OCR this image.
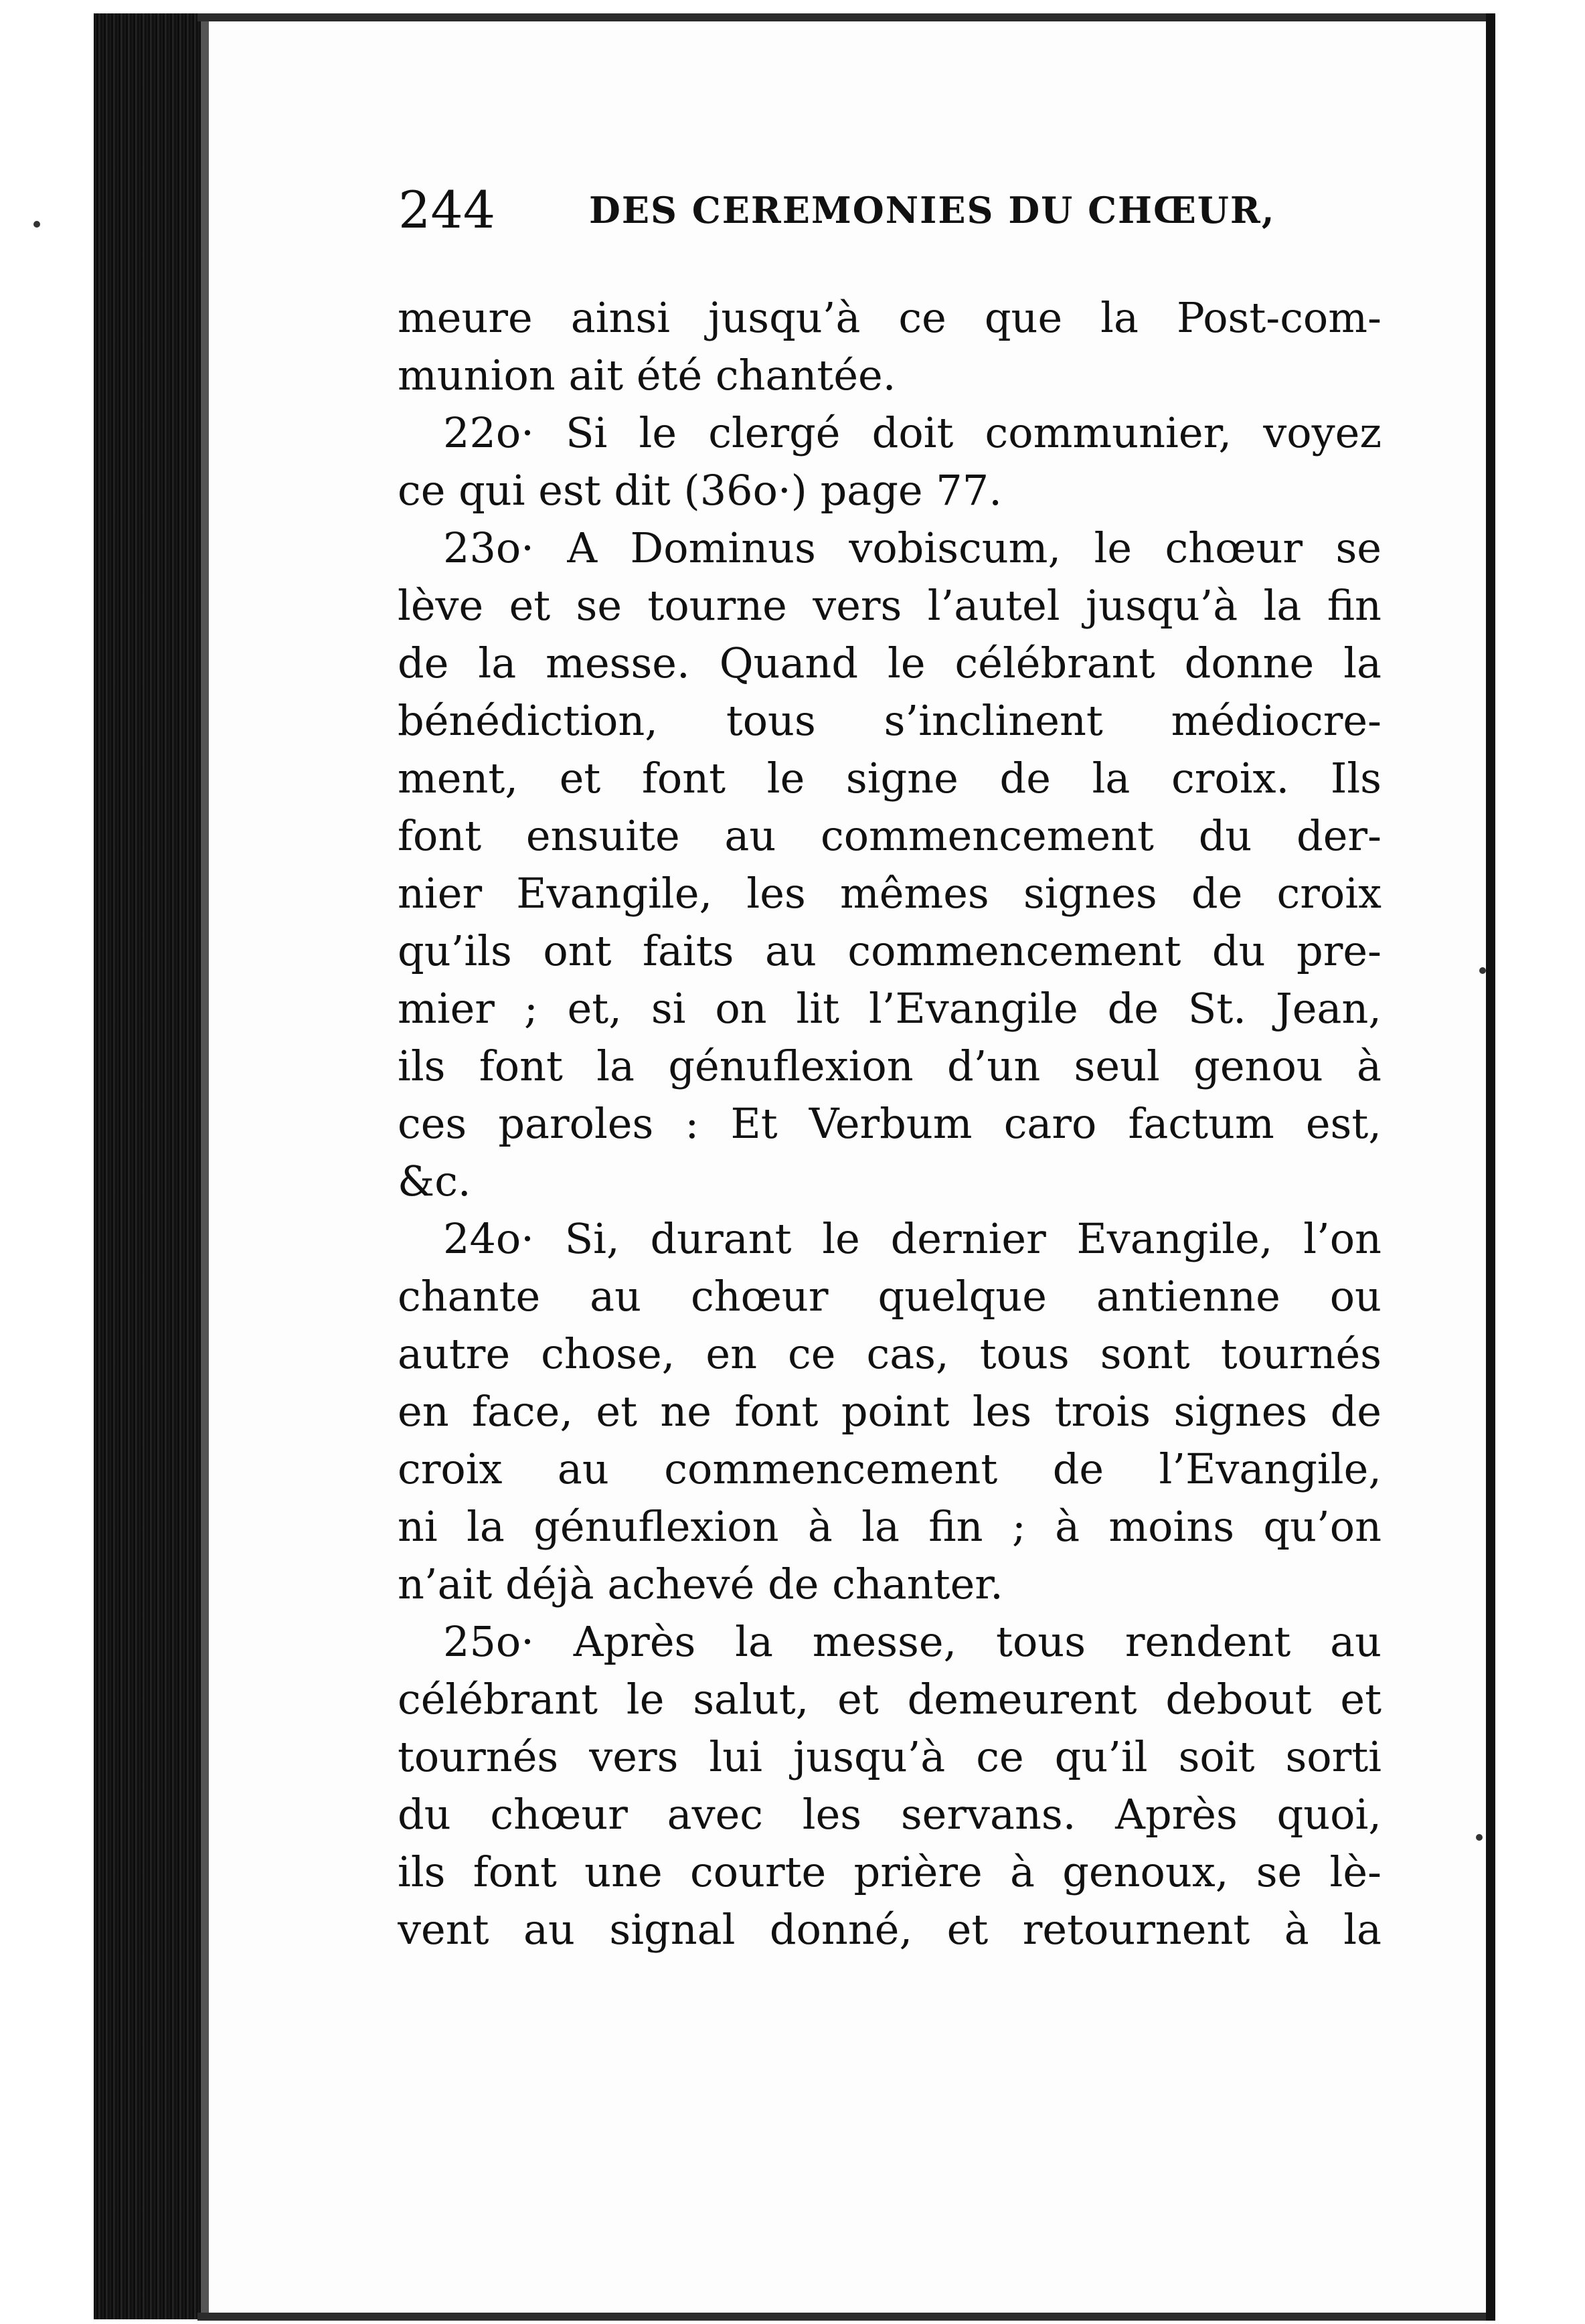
244	DES CEREMONIES DU CHŒUR,
meure ainsi jusqu’à ce que la Post-com-
munion ait été chantée.
22o· Si le clergé doit communier, voyez
ce qui est dit (36o·) page 77.
23o· A Dominus vobiscum, le chœur se
lève et se tourne vers l’autel jusqu’à la fin
de la messe. Quand le célébrant donne la
bénédiction, tous s’inclinent médiocre-
ment, et font le signe de la croix. Ils
font ensuite au commencement du der-
nier Evangile, les mêmes signes de croix
qu’ils ont faits au commencement du pre-
mier ; et, si on lit l’Evangile de St. Jean,
ils font la génuflexion d’un seul genou à
ces paroles : Et Verbum caro factum est,
&c.
24o· Si, durant le dernier Evangile, l’on
chante au chœur quelque antienne ou
autre chose, en ce cas, tous sont tournés
en face, et ne font point les trois signes de
croix au commencement de l’Evangile,
ni la génuflexion à la fin ; à moins qu’on
n’ait déjà achevé de chanter.
25o· Après la messe, tous rendent au
célébrant le salut, et demeurent debout et
tournés vers lui jusqu’à ce qu’il soit sorti
du chœur avec les servans. Après quoi,
ils font une courte prière à genoux, se lè-
vent au signal donné, et retournent à la
